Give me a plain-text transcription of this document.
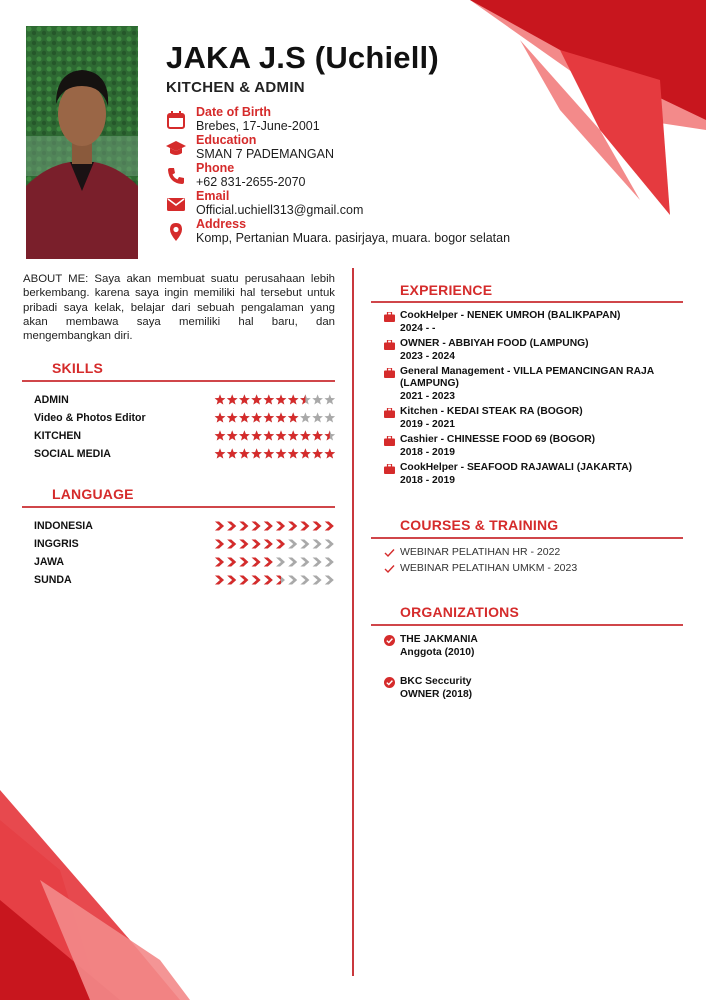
JAKA J.S (Uchiell)
KITCHEN & ADMIN
Date of Birth
Brebes, 17-June-2001
Education
SMAN 7 PADEMANGAN
Phone
+62 831-2655-2070
Email
Official.uchiell313@gmail.com
Address
Komp, Pertanian Muara. pasirjaya, muara. bogor selatan

ABOUT ME: Saya akan membuat suatu perusahaan lebih berkembang. karena saya ingin memiliki hal tersebut untuk pribadi saya kelak, belajar dari sebuah pengalaman yang akan membawa saya memiliki hal baru, dan mengembangkan diri.

SKILLS
ADMIN
Video & Photos Editor
KITCHEN
SOCIAL MEDIA
LANGUAGE
INDONESIA
INGGRIS
JAWA
SUNDA
EXPERIENCE
CookHelper - NENEK UMROH (BALIKPAPAN)
2024 - -
OWNER - ABBIYAH FOOD (LAMPUNG)
2023 - 2024
General Management - VILLA PEMANCINGAN RAJA (LAMPUNG)
2021 - 2023
Kitchen - KEDAI STEAK RA (BOGOR)
2019 - 2021
Cashier - CHINESSE FOOD 69 (BOGOR)
2018 - 2019
CookHelper - SEAFOOD RAJAWALI (JAKARTA)
2018 - 2019
COURSES & TRAINING
WEBINAR PELATIHAN HR - 2022
WEBINAR PELATIHAN UMKM - 2023
ORGANIZATIONS
THE JAKMANIA
Anggota (2010)
BKC Seccurity
OWNER (2018)
